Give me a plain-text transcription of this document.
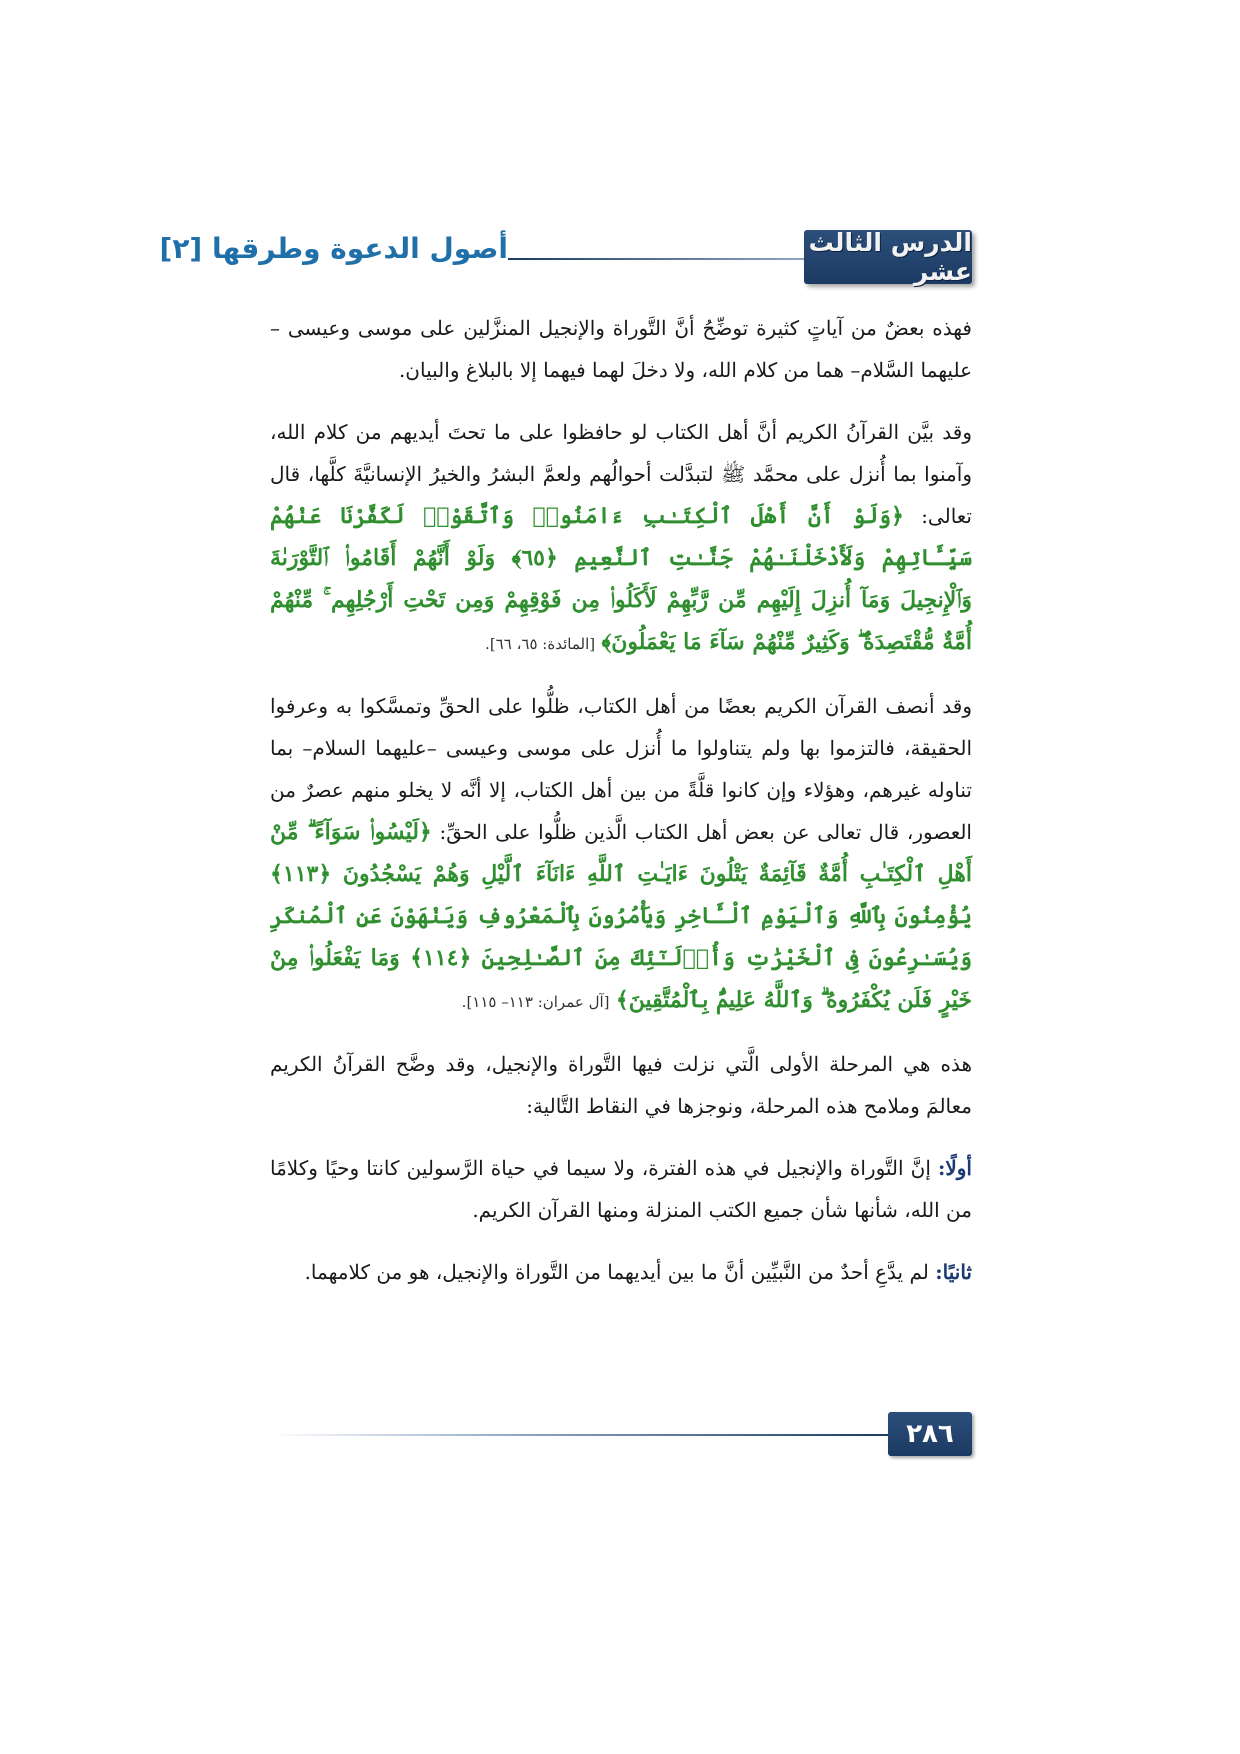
الدرس الثالث عشر
أصول الدعوة وطرقها [٢]

فهذه بعضٌ من آياتٍ كثيرة توضِّحُ أنَّ التَّوراة والإنجيل المنزَّلين على موسى وعيسى –عليهما السَّلام– هما من كلام الله، ولا دخلَ لهما فيهما إلا بالبلاغ والبيان.

وقد بيَّن القرآنُ الكريم أنَّ أهل الكتاب لو حافظوا على ما تحتَ أيديهم من كلام الله، وآمنوا بما أُنزل على محمَّد ﷺ لتبدَّلت أحوالُهم ولعمَّ البشرُ والخيرُ الإنسانيَّةَ كلَّها، قال تعالى: ﴿وَلَوْ أَنَّ أَهْلَ ٱلْكِتَـٰبِ ءَامَنُوا۟ وَٱتَّقَوْا۟ لَكَفَّرْنَا عَنْهُمْ سَيِّـَٔاتِهِمْ وَلَأَدْخَلْنَـٰهُمْ جَنَّـٰتِ ٱلنَّعِيمِ ﴿٦٥﴾ وَلَوْ أَنَّهُمْ أَقَامُوا۟ ٱلتَّوْرَىٰةَ وَٱلْإِنجِيلَ وَمَآ أُنزِلَ إِلَيْهِم مِّن رَّبِّهِمْ لَأَكَلُوا۟ مِن فَوْقِهِمْ وَمِن تَحْتِ أَرْجُلِهِم ۚ مِّنْهُمْ أُمَّةٌ مُّقْتَصِدَةٌ ۖ وَكَثِيرٌ مِّنْهُمْ سَآءَ مَا يَعْمَلُونَ﴾ [المائدة: ٦٥، ٦٦].

وقد أنصف القرآن الكريم بعضًا من أهل الكتاب، ظلُّوا على الحقِّ وتمسَّكوا به وعرفوا الحقيقة، فالتزموا بها ولم يتناولوا ما أُنزل على موسى وعيسى –عليهما السلام– بما تناوله غيرهم، وهؤلاء وإن كانوا قلَّةً من بين أهل الكتاب، إلا أنَّه لا يخلو منهم عصرٌ من العصور، قال تعالى عن بعض أهل الكتاب الَّذين ظلُّوا على الحقِّ: ﴿لَيْسُوا۟ سَوَآءً ۗ مِّنْ أَهْلِ ٱلْكِتَـٰبِ أُمَّةٌ قَآئِمَةٌ يَتْلُونَ ءَايَـٰتِ ٱللَّهِ ءَانَآءَ ٱلَّيْلِ وَهُمْ يَسْجُدُونَ ﴿١١٣﴾ يُؤْمِنُونَ بِٱللَّهِ وَٱلْيَوْمِ ٱلْـَٔاخِرِ وَيَأْمُرُونَ بِٱلْمَعْرُوفِ وَيَنْهَوْنَ عَنِ ٱلْمُنكَرِ وَيُسَـٰرِعُونَ فِى ٱلْخَيْرَٰتِ وَأُو۟لَـٰٓئِكَ مِنَ ٱلصَّـٰلِحِينَ ﴿١١٤﴾ وَمَا يَفْعَلُوا۟ مِنْ خَيْرٍ فَلَن يُكْفَرُوهُ ۗ وَٱللَّهُ عَلِيمٌۢ بِٱلْمُتَّقِينَ﴾ [آل عمران: ١١٣– ١١٥].

هذه هي المرحلة الأولى الَّتي نزلت فيها التَّوراة والإنجيل، وقد وضَّح القرآنُ الكريم معالمَ وملامح هذه المرحلة، ونوجزها في النقاط التَّالية:

أولًا: إنَّ التَّوراة والإنجيل في هذه الفترة، ولا سيما في حياة الرَّسولين كانتا وحيًا وكلامًا من الله، شأنها شأن جميع الكتب المنزلة ومنها القرآن الكريم.

ثانيًا: لم يدَّعِ أحدٌ من النَّبيِّين أنَّ ما بين أيديهما من التَّوراة والإنجيل، هو من كلامهما.

٢٨٦
